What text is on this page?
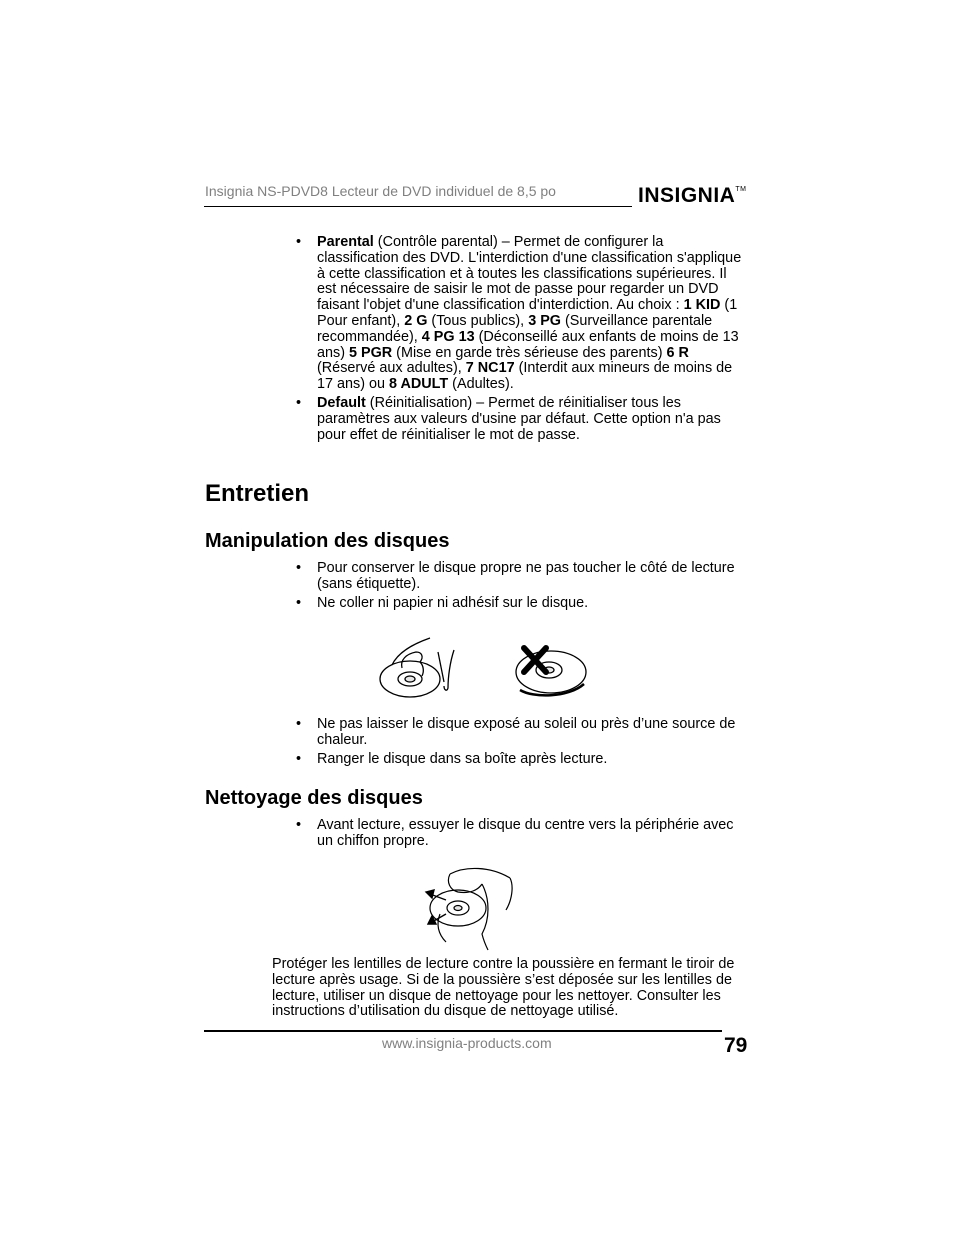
Insignia NS-PDVD8 Lecteur de DVD individuel de 8,5 po	INSIGNIA™
• Parental (Contrôle parental) – Permet de configurer la classification des DVD. L'interdiction d'une classification s'applique à cette classification et à toutes les classifications supérieures. Il est nécessaire de saisir le mot de passe pour regarder un DVD faisant l'objet d'une classification d'interdiction. Au choix : 1 KID (1 Pour enfant), 2 G (Tous publics), 3 PG (Surveillance parentale recommandée), 4 PG 13 (Déconseillé aux enfants de moins de 13 ans) 5 PGR (Mise en garde très sérieuse des parents) 6 R (Réservé aux adultes), 7 NC17 (Interdit aux mineurs de moins de 17 ans) ou 8 ADULT (Adultes).
• Default (Réinitialisation) – Permet de réinitialiser tous les paramètres aux valeurs d'usine par défaut. Cette option n'a pas pour effet de réinitialiser le mot de passe.
Entretien
Manipulation des disques
• Pour conserver le disque propre ne pas toucher le côté de lecture (sans étiquette).
• Ne coller ni papier ni adhésif sur le disque.
• Ne pas laisser le disque exposé au soleil ou près d’une source de chaleur.
• Ranger le disque dans sa boîte après lecture.
Nettoyage des disques
• Avant lecture, essuyer le disque du centre vers la périphérie avec un chiffon propre.
Protéger les lentilles de lecture contre la poussière en fermant le tiroir de lecture après usage. Si de la poussière s’est déposée sur les lentilles de lecture, utiliser un disque de nettoyage pour les nettoyer. Consulter les instructions d’utilisation du disque de nettoyage utilisé.
www.insignia-products.com	79
